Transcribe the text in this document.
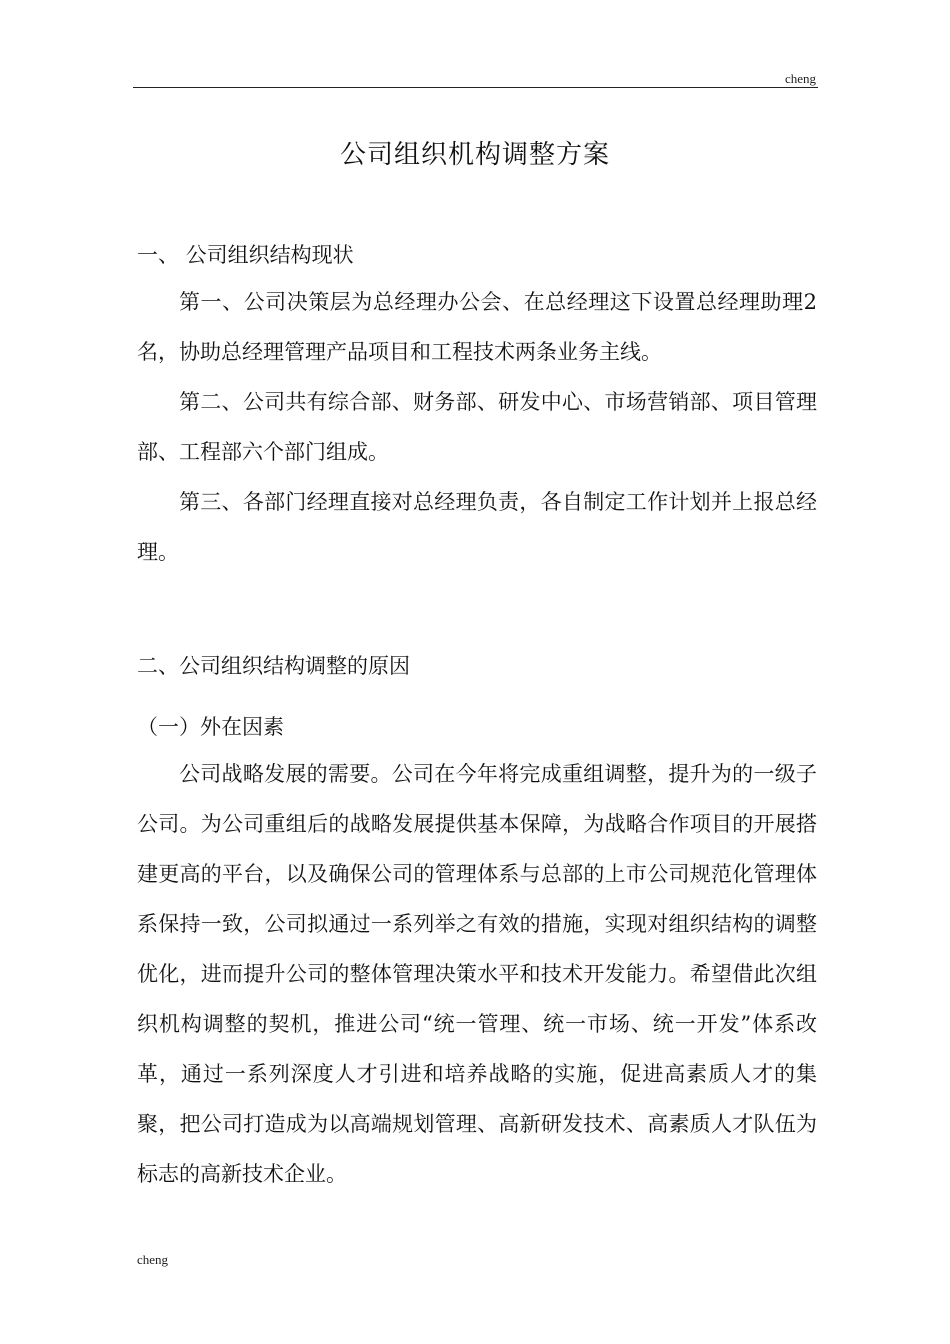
cheng
公司组织机构调整方案
一、 公司组织结构现状

第一、公司决策层为总经理办公会、在总经理这下设置总经理助理2名，协助总经理管理产品项目和工程技术两条业务主线。

第二、公司共有综合部、财务部、研发中心、市场营销部、项目管理部、工程部六个部门组成。

第三、各部门经理直接对总经理负责，各自制定工作计划并上报总经理。

二、公司组织结构调整的原因
（一）外在因素

公司战略发展的需要。公司在今年将完成重组调整，提升为的一级子公司。为公司重组后的战略发展提供基本保障，为战略合作项目的开展搭建更高的平台，以及确保公司的管理体系与总部的上市公司规范化管理体系保持一致，公司拟通过一系列举之有效的措施，实现对组织结构的调整优化，进而提升公司的整体管理决策水平和技术开发能力。希望借此次组织机构调整的契机，推进公司“统一管理、统一市场、统一开发”体系改革，通过一系列深度人才引进和培养战略的实施，促进高素质人才的集聚，把公司打造成为以高端规划管理、高新研发技术、高素质人才队伍为标志的高新技术企业。

cheng
